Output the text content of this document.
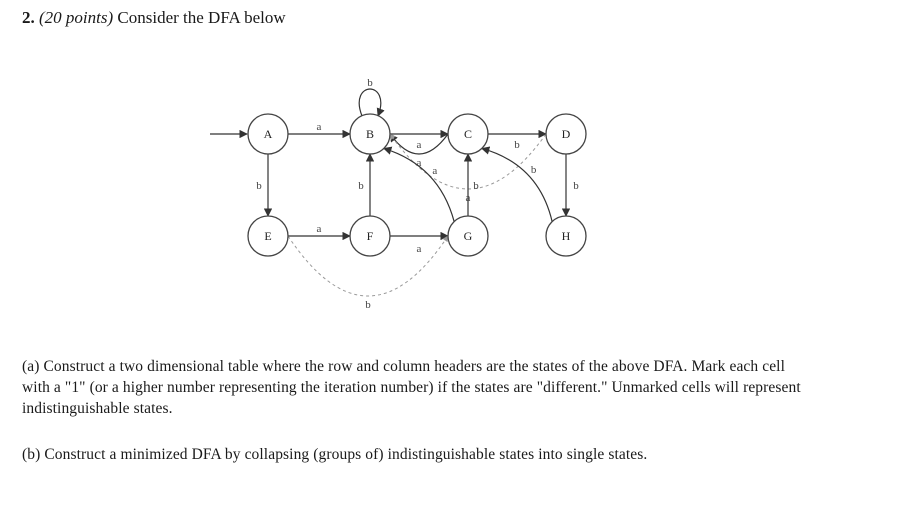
2. (20 points) Consider the DFA below
a
b
a
b
b
a
b
a
a
b
a
a
b
b
b
A	B	C	D
E	F	G	H
(a) Construct a two dimensional table where the row and column headers are the states of the above DFA. Mark each cell with a "1" (or a higher number representing the iteration number) if the states are "different." Unmarked cells will represent indistinguishable states.
(b) Construct a minimized DFA by collapsing (groups of) indistinguishable states into single states.
